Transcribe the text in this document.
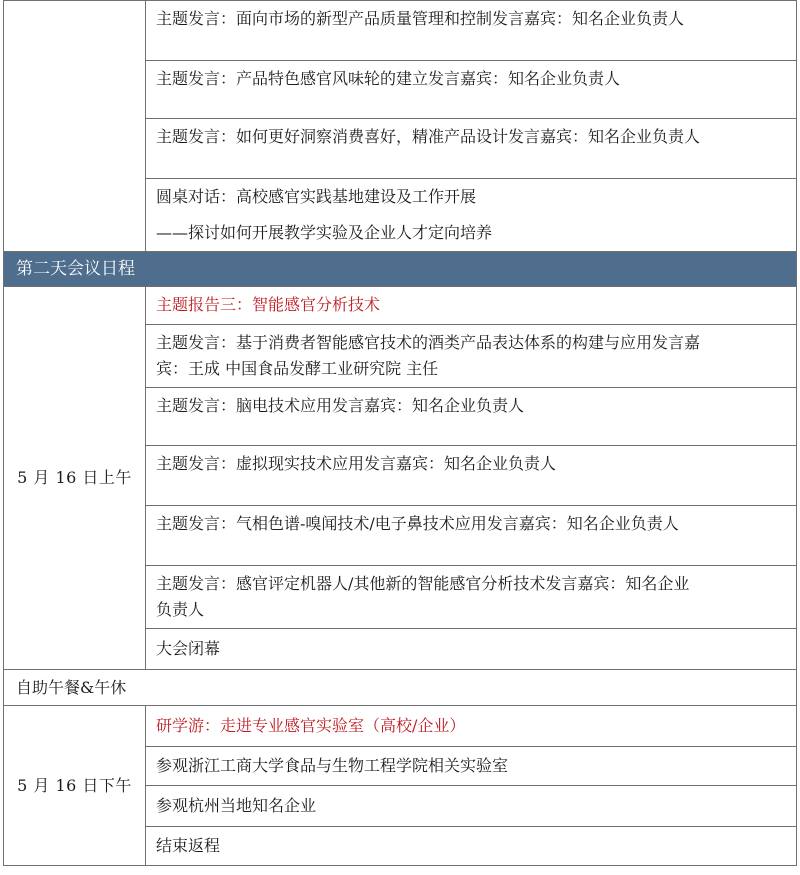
	主题发言：面向市场的新型产品质量管理和控制发言嘉宾：知名企业负责人

	主题发言：产品特色感官风味轮的建立发言嘉宾：知名企业负责人

	主题发言：如何更好洞察消费喜好，精准产品设计发言嘉宾：知名企业负责人

	圆桌对话：高校感官实践基地建设及工作开展
——探讨如何开展教学实验及企业人才定向培养

第二天会议日程	
5 月 16 日上午	主题报告三：智能感官分析技术

	主题发言：基于消费者智能感官技术的酒类产品表达体系的构建与应用发言嘉
宾：王成 中国食品发酵工业研究院 主任

	主题发言：脑电技术应用发言嘉宾：知名企业负责人
	主题发言：虚拟现实技术应用发言嘉宾：知名企业负责人
	主题发言：气相色谱-嗅闻技术/电子鼻技术应用发言嘉宾：知名企业负责人

	主题发言：感官评定机器人/其他新的智能感官分析技术发言嘉宾：知名企业
负责人

	大会闭幕
自助午餐&午休	
5 月 16 日下午	研学游：走进专业感官实验室（高校/企业）
	参观浙江工商大学食品与生物工程学院相关实验室
	参观杭州当地知名企业
	结束返程
